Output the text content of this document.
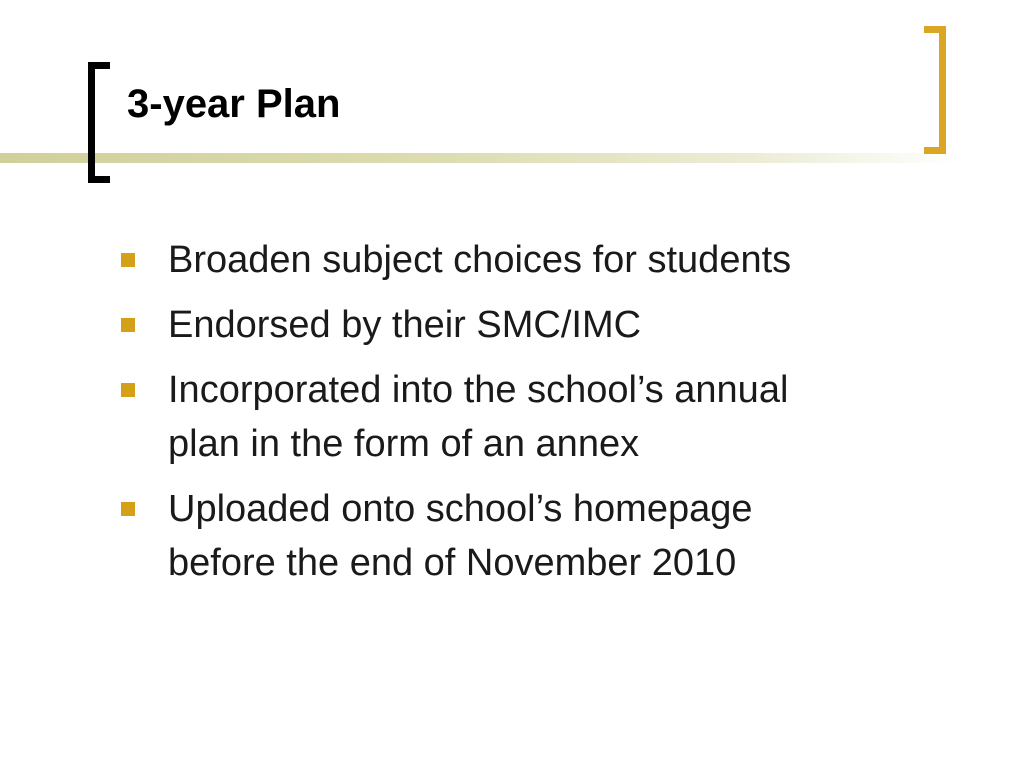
3-year Plan
Broaden subject choices for students
Endorsed by their SMC/IMC
Incorporated into the school’s annual
plan in the form of an annex
Uploaded onto school’s homepage
before the end of November 2010
